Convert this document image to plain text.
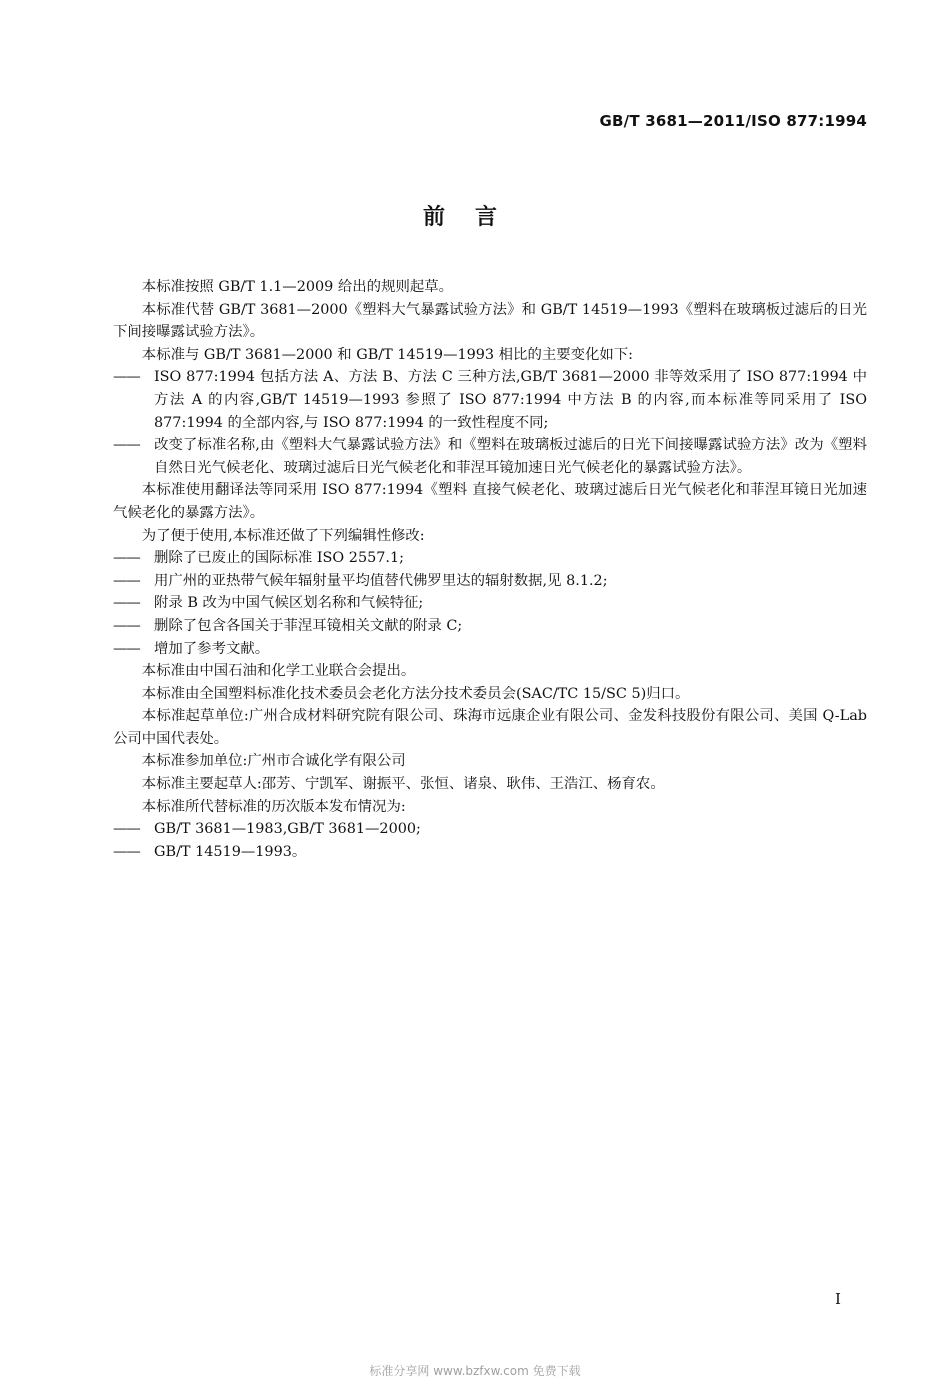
GB/T 3681—2011/ISO 877:1994
前言

本标准按照 GB/T 1.1—2009 给出的规则起草。

本标准代替 GB/T 3681—2000《塑料大气暴露试验方法》和 GB/T 14519—1993《塑料在玻璃板过滤后的日光下间接曝露试验方法》。

本标准与 GB/T 3681—2000 和 GB/T 14519—1993 相比的主要变化如下:

—— ISO 877:1994 包括方法 A、方法 B、方法 C 三种方法,GB/T 3681—2000 非等效采用了 ISO 877:1994 中方法 A 的内容,GB/T 14519—1993 参照了 ISO 877:1994 中方法 B 的内容,而本标准等同采用了 ISO 877:1994 的全部内容,与 ISO 877:1994 的一致性程度不同;

—— 改变了标准名称,由《塑料大气暴露试验方法》和《塑料在玻璃板过滤后的日光下间接曝露试验方法》改为《塑料 自然日光气候老化、玻璃过滤后日光气候老化和菲涅耳镜加速日光气候老化的暴露试验方法》。

本标准使用翻译法等同采用 ISO 877:1994《塑料 直接气候老化、玻璃过滤后日光气候老化和菲涅耳镜日光加速气候老化的暴露方法》。

为了便于使用,本标准还做了下列编辑性修改:

—— 删除了已废止的国际标准 ISO 2557.1;

—— 用广州的亚热带气候年辐射量平均值替代佛罗里达的辐射数据,见 8.1.2;

—— 附录 B 改为中国气候区划名称和气候特征;

—— 删除了包含各国关于菲涅耳镜相关文献的附录 C;

—— 增加了参考文献。

本标准由中国石油和化学工业联合会提出。

本标准由全国塑料标准化技术委员会老化方法分技术委员会(SAC/TC 15/SC 5)归口。

本标准起草单位:广州合成材料研究院有限公司、珠海市远康企业有限公司、金发科技股份有限公司、美国 Q-Lab 公司中国代表处。

本标准参加单位:广州市合诚化学有限公司

本标准主要起草人:邵芳、宁凯军、谢振平、张恒、诸泉、耿伟、王浩江、杨育农。

本标准所代替标准的历次版本发布情况为:

—— GB/T 3681—1983,GB/T 3681—2000;

—— GB/T 14519—1993。

I
标准分享网 www.bzfxw.com 免费下载
